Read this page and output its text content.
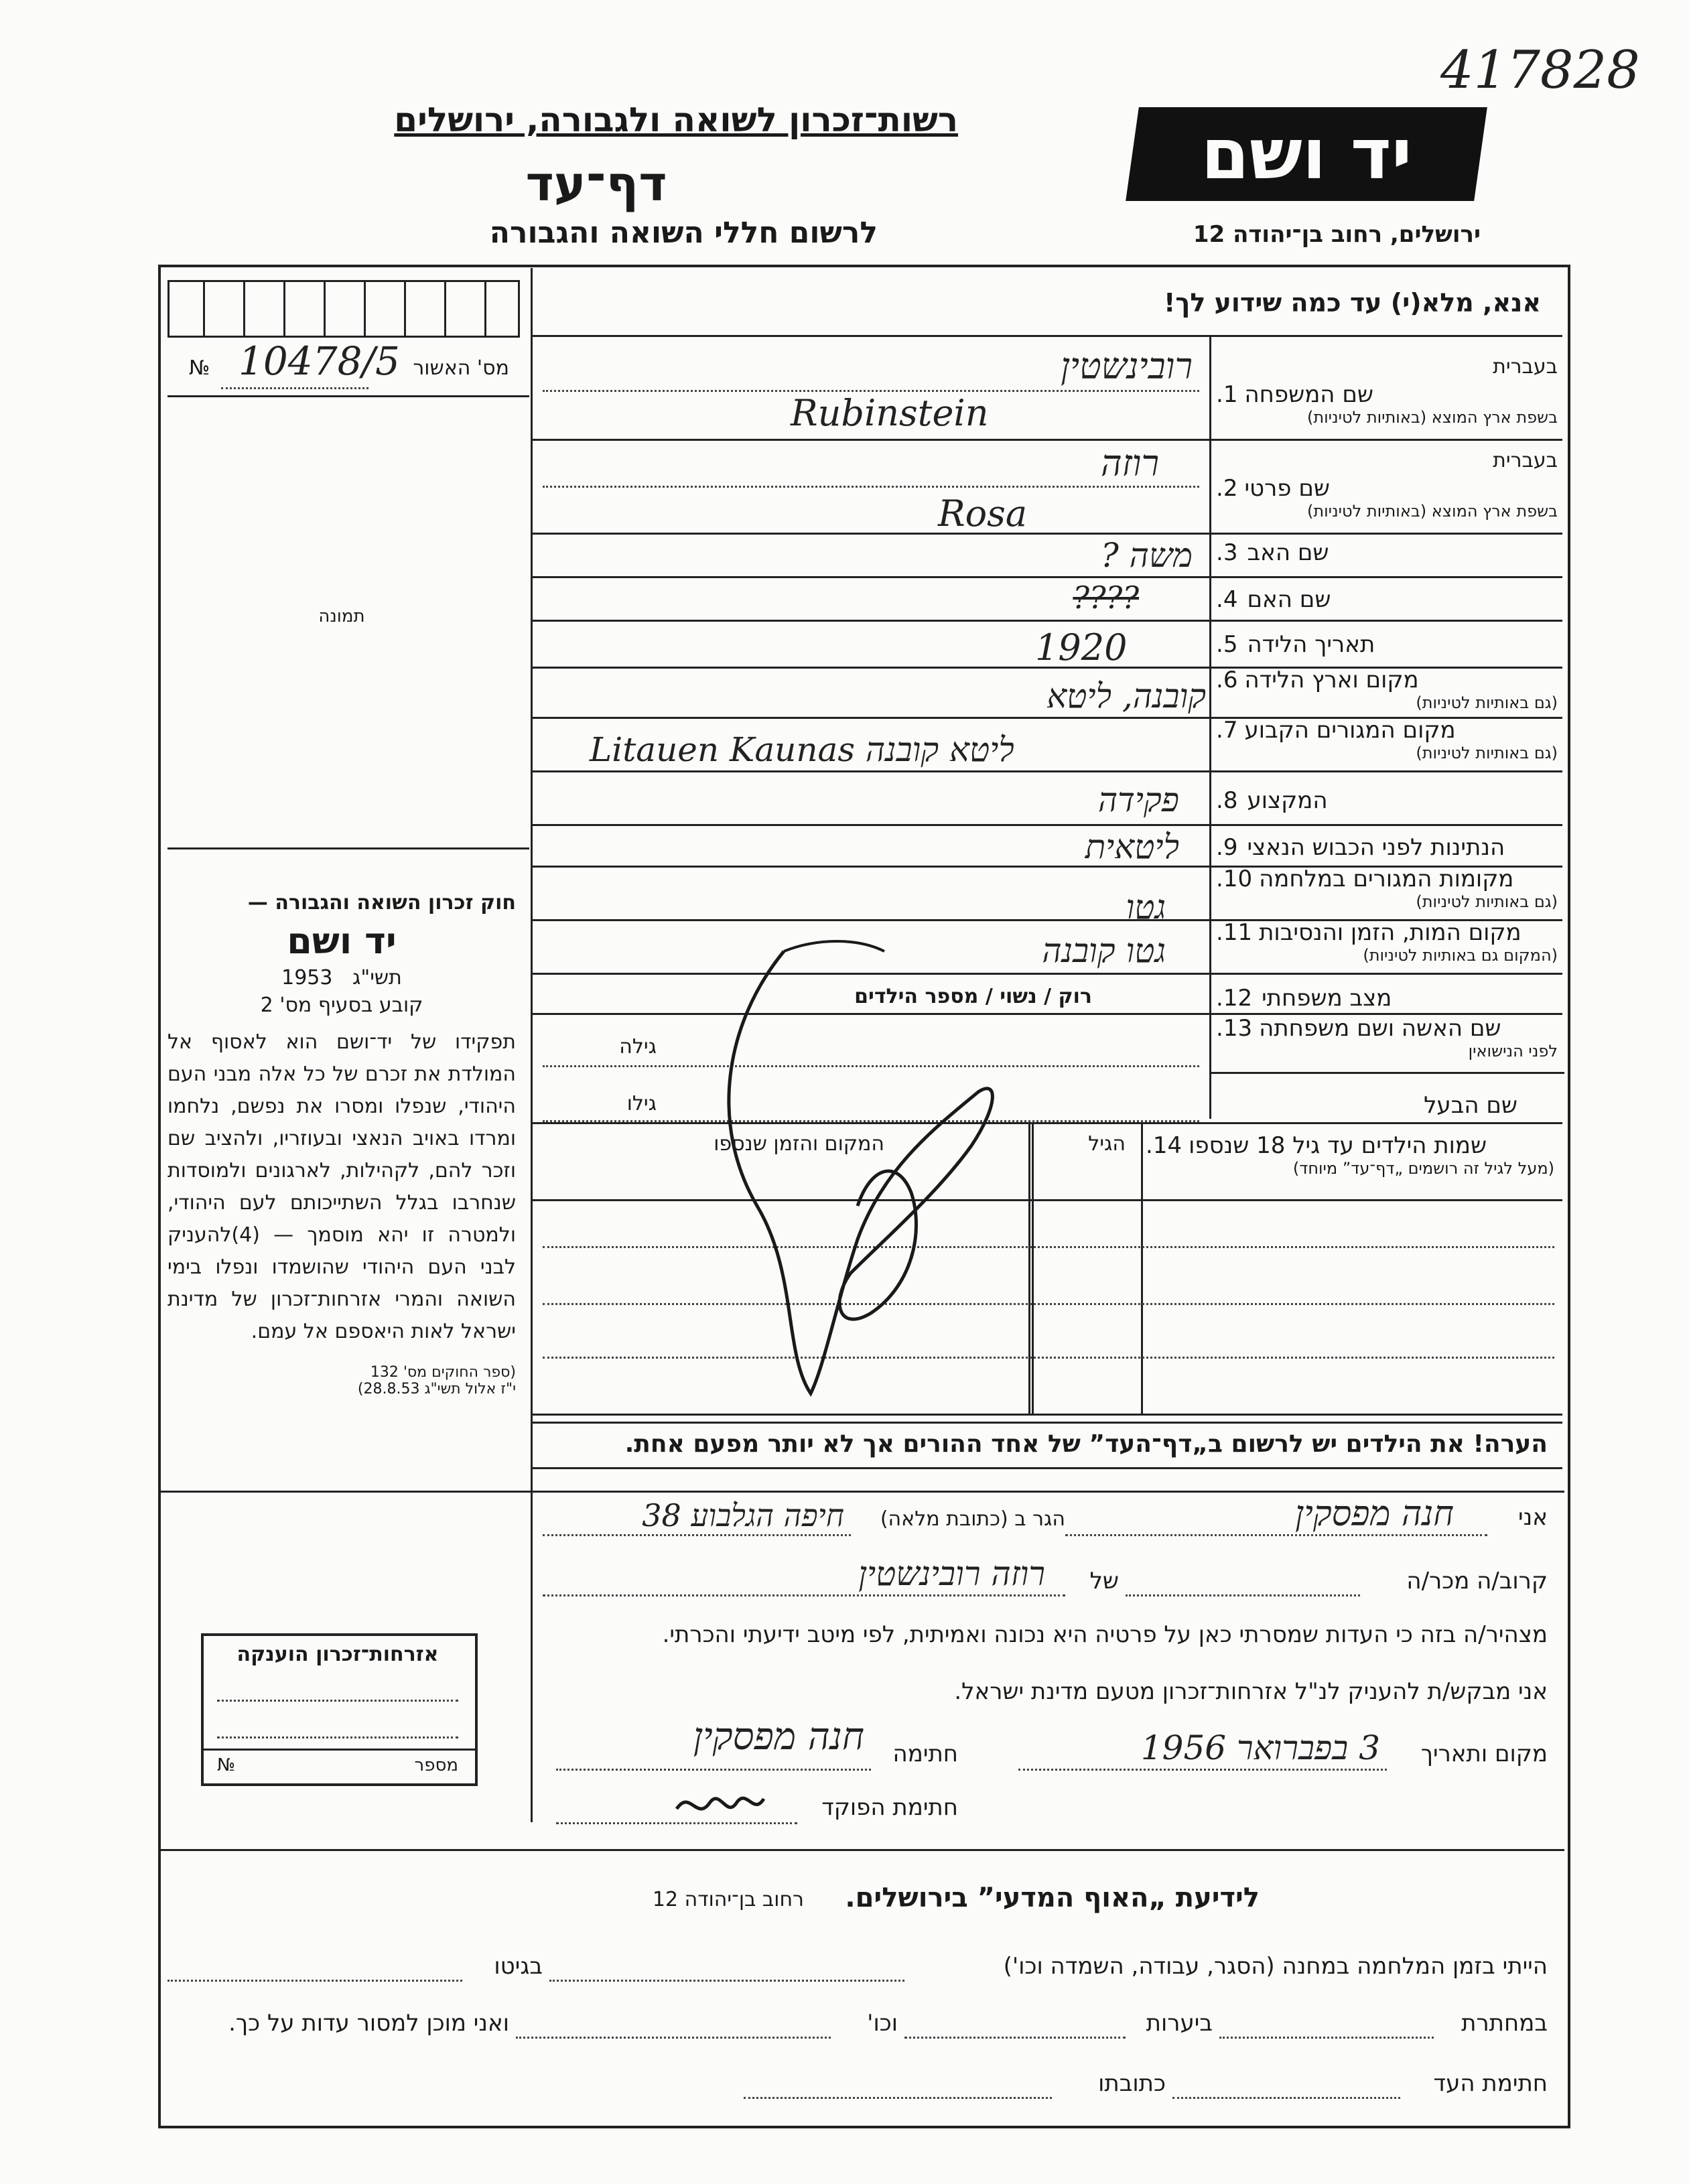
417828
רשות־זכרון לשואה ולגבורה, ירושלים
דף־עד
לרשום חללי השואה והגבורה
יד ושם
ירושלים, רחוב בן־יהודה 12
№ 10478/5 מס' האשור
תמונה
אנא, מלא(י) עד כמה שידוע לך!
בעברית
1. שם המשפחה
בשפת ארץ המוצא (באותיות לטיניות)
רובינשטין
Rubinstein
בעברית
2. שם פרטי
בשפת ארץ המוצא (באותיות לטיניות)
רוזה
Rosa
3. שם האב
משה ?
4. שם האם
????
5. תאריך הלידה
1920
6. מקום וארץ הלידה
(גם באותיות לטיניות)
קובנה, ליטא
7. מקום המגורים הקבוע
(גם באותיות לטיניות)
Litauen Kaunas ליטא קובנה
8. המקצוע
פקידה
9. הנתינות לפני הכבוש הנאצי
ליטאית
10. מקומות המגורים במלחמה
(גם באותיות לטיניות)
גטו
11. מקום המות, הזמן והנסיבות
(המקום גם באותיות לטיניות)
גטו קובנה
12. מצב משפחתי
רוק / נשוי / מספר הילדים
13. שם האשה ושם משפחתה
לפני הנישואין
גילה
שם הבעל
גילו
14. שמות הילדים עד גיל 18 שנספו
(מעל לגיל זה רושמים „דף־עד” מיוחד)
הגיל
המקום והזמן שנספו
חוק זכרון השואה והגבורה —
יד ושם
תשי"ג 1953
קובע בסעיף מס' 2
תפקידו של יד־ושם הוא לאסוף אל המולדת את זכרם של כל אלה מבני העם היהודי, שנפלו ומסרו את נפשם, נלחמו ומרדו באויב הנאצי ובעוזריו, ולהציב שם וזכר להם, לקהילות, לארגונים ולמוסדות שנחרבו בגלל השתייכותם לעם היהודי, ולמטרה זו יהא מוסמך — (4)להעניק לבני העם היהודי שהושמדו ונפלו בימי השואה והמרי אזרחות־זכרון של מדינת ישראל לאות היאספם אל עמם.
(ספר החוקים מס' 132
י"ז אלול תשי"ג 28.8.53)
הערה! את הילדים יש לרשום ב„דף־העד” של אחד ההורים אך לא יותר מפעם אחת.
אני
חנה מפסקין
הגר ב (כתובת מלאה)
חיפה הגלבוע 38
קרוב/ה מכר/ה
של
רוזה רובינשטין
מצהיר/ה בזה כי העדות שמסרתי כאן על פרטיה היא נכונה ואמיתית, לפי מיטב ידיעתי והכרתי.
אני מבקש/ת להעניק לנ"ל אזרחות־זכרון מטעם מדינת ישראל.
מקום ותאריך
3 בפברואר 1956
חתימה
חנה מפסקין
חתימת הפוקד
אזרחות־זכרון הוענקה
מספר
№
לידיעת „האוף המדעי” בירושלים.
רחוב בן־יהודה 12
הייתי בזמן המלחמה במחנה (הסגר, עבודה, השמדה וכו')
בגיטו
במחתרת
ביערות
וכו'
ואני מוכן למסור עדות על כך.
חתימת העד
כתובתו
